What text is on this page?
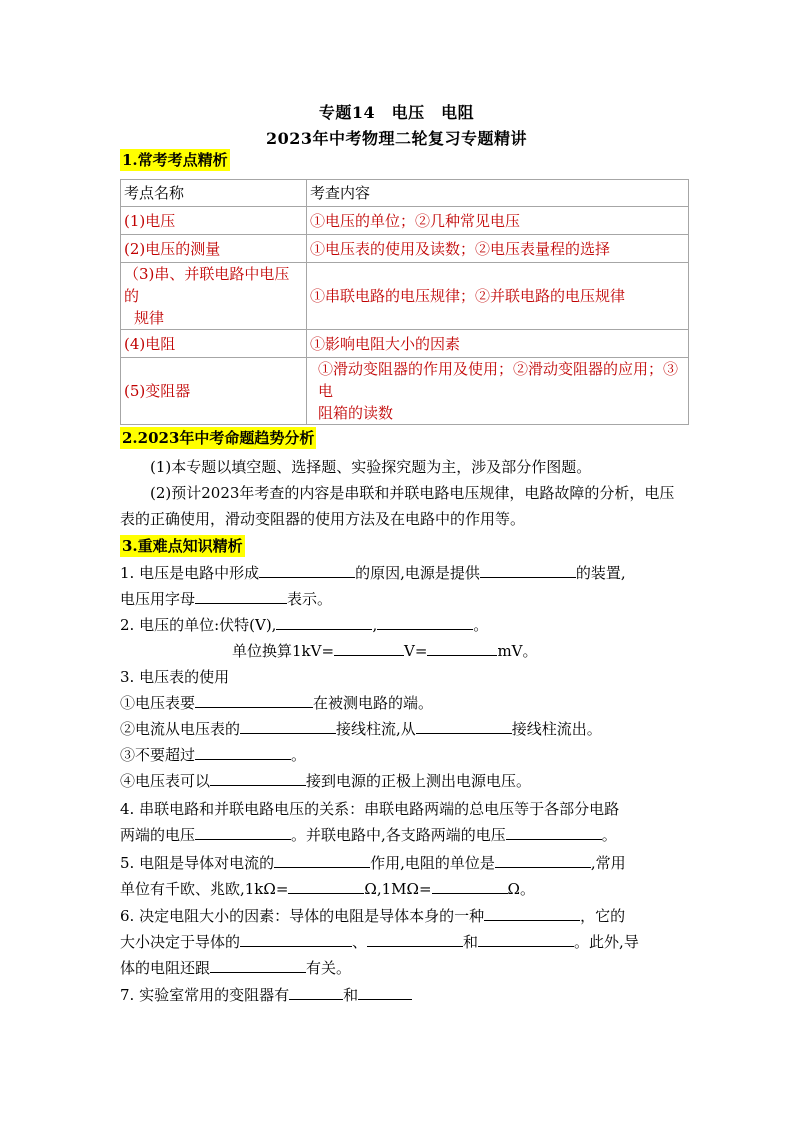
专题14　电压　电阻
2023年中考物理二轮复习专题精讲
1.常考考点精析
考点名称	考查内容
(1)电压	①电压的单位；②几种常见电压
(2)电压的测量	①电压表的使用及读数；②电压表量程的选择

（3)串、并联电路中电压的
规律	①串联电路的电压规律；②并联电路的电压规律
(4)电阻	①影响电阻大小的因素
(5)变阻器	①滑动变阻器的作用及使用；②滑动变阻器的应用；③电
阻箱的读数
2.2023年中考命题趋势分析
(1)本专题以填空题、选择题、实验探究题为主，涉及部分作图题。
(2)预计2023年考查的内容是串联和并联电路电压规律，电路故障的分析，电压表的正确使用，滑动变阻器的使用方法及在电路中的作用等。
3.重难点知识精析
1. 电压是电路中形成	的原因,电源是提供	的装置,
电压用字母	表示。
2. 电压的单位:伏特(V),	,	。
单位换算1kV=	V=	mV。
3. 电压表的使用
①电压表要	在被测电路的端。
②电流从电压表的	接线柱流,从	接线柱流出。
③不要超过	。
④电压表可以	接到电源的正极上测出电源电压。
4. 串联电路和并联电路电压的关系：串联电路两端的总电压等于各部分电路
两端的电压	。并联电路中,各支路两端的电压	。
5. 电阻是导体对电流的	作用,电阻的单位是	,常用
单位有千欧、兆欧,1kΩ=	Ω,1MΩ=	Ω。
6. 决定电阻大小的因素：导体的电阻是导体本身的一种	，它的
大小决定于导体的	、	和	。此外,导
体的电阻还跟	有关。
7. 实验室常用的变阻器有	和
